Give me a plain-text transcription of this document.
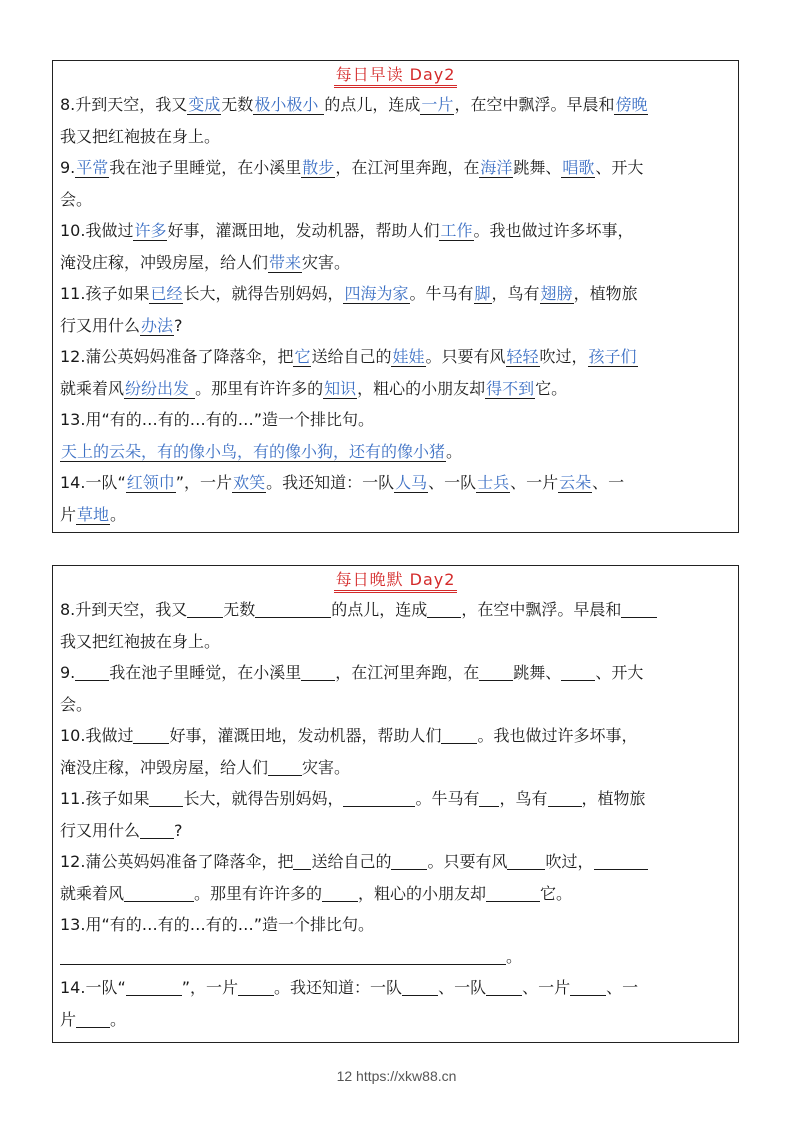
每日早读 Day2
8.升到天空，我又变成无数极小极小 的点儿，连成一片，在空中飘浮。早晨和傍晚
我又把红袍披在身上。
9.平常我在池子里睡觉，在小溪里散步，在江河里奔跑，在海洋跳舞、唱歌、开大
会。
10.我做过许多好事，灌溉田地，发动机器，帮助人们工作。我也做过许多坏事，
淹没庄稼，冲毁房屋，给人们带来灾害。
11.孩子如果已经长大，就得告别妈妈，四海为家。牛马有脚，鸟有翅膀，植物旅
行又用什么办法?
12.蒲公英妈妈准备了降落伞，把它送给自己的娃娃。只要有风轻轻吹过，孩子们
就乘着风纷纷出发 。那里有许许多的知识，粗心的小朋友却得不到它。
13.用“有的…有的…有的…”造一个排比句。
天上的云朵，有的像小鸟，有的像小狗，还有的像小猪。
14.一队“红领巾”，一片欢笑。我还知道：一队人马、一队士兵、一片云朵、一
片草地。
每日晚默 Day2
8.升到天空，我又 无数	的点儿，连成 ，在空中飘浮。早晨和
我又把红袍披在身上。
9. 我在池子里睡觉，在小溪里 ，在江河里奔跑，在 跳舞、 、开大
会。
10.我做过 好事，灌溉田地，发动机器，帮助人们 。我也做过许多坏事，
淹没庄稼，冲毁房屋，给人们 灾害。
11.孩子如果 长大，就得告别妈妈，	。牛马有 ，鸟有 ，植物旅
行又用什么 ?
12.蒲公英妈妈准备了降落伞，把 送给自己的 。只要有风 吹过，
就乘着风	。那里有许许多的 ，粗心的小朋友却	它。
13.用“有的…有的…有的…”造一个排比句。
。
14.一队“	”，一片 。我还知道：一队 、一队 、一片 、一
片 。
12 https://xkw88.cn
